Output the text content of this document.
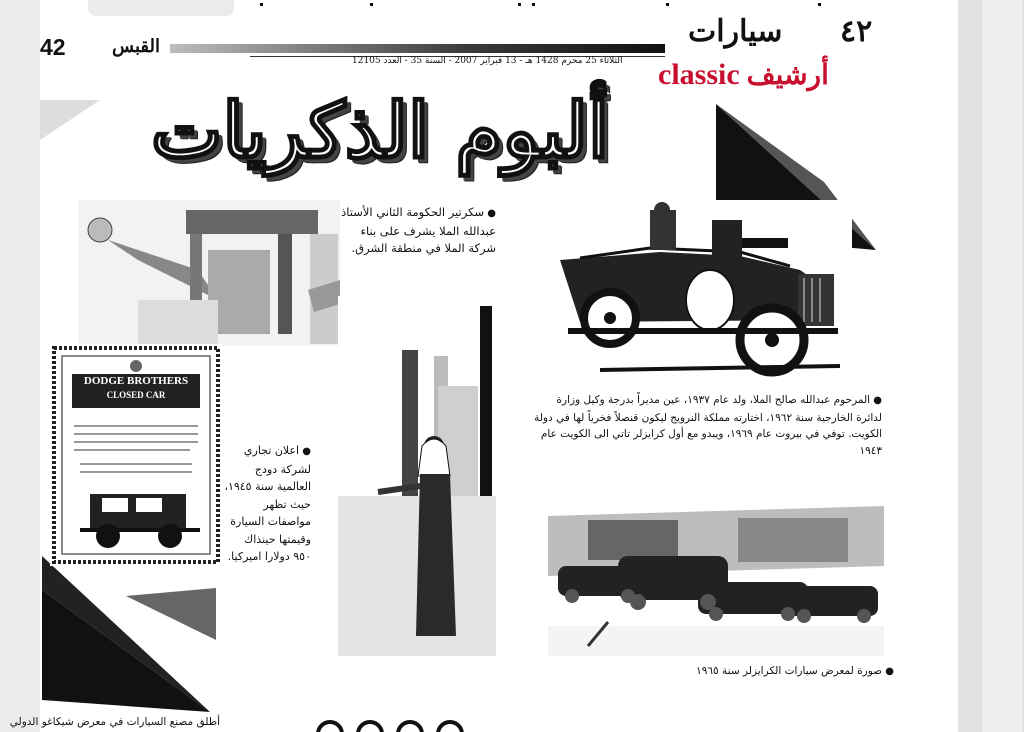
سيارات ٤٢
42	القبس
الثلاثاء 25 محرم 1428 هـ - 13 فبراير 2007 - السنة 35 - العدد 12105 classic أرشيف
ألبوم الذكريات
DODGE BROTHERS
CLOSED CAR
● سكرتير الحكومة الثاني الأستاذ عبدالله الملا يشرف على بناء شركة الملا في منطقة الشرق.
● المرحوم عبدالله صالح الملا، ولد عام ١٩٣٧، عين مديراً بدرجة وكيل وزارة لدائرة الخارجية سنة ١٩٦٢، اختارته مملكة النرويج ليكون قنصلاً فخرياً لها في دولة الكويت. توفي في بيروت عام ١٩٦٩، ويبدو مع أول كرايزلر تاتي الى الكويت عام ١٩٤٣
● اعلان تجاري لشركة دودج العالمية سنة ١٩٤٥، حيث تظهر مواصفات السيارة وقيمتها حينذاك ٩٥٠ دولارا اميركيا.
● صورة لمعرض سيارات الكرايزلر سنة ١٩٦٥
أطلق مصنع السيارات في معرض شيكاغو الدولي
